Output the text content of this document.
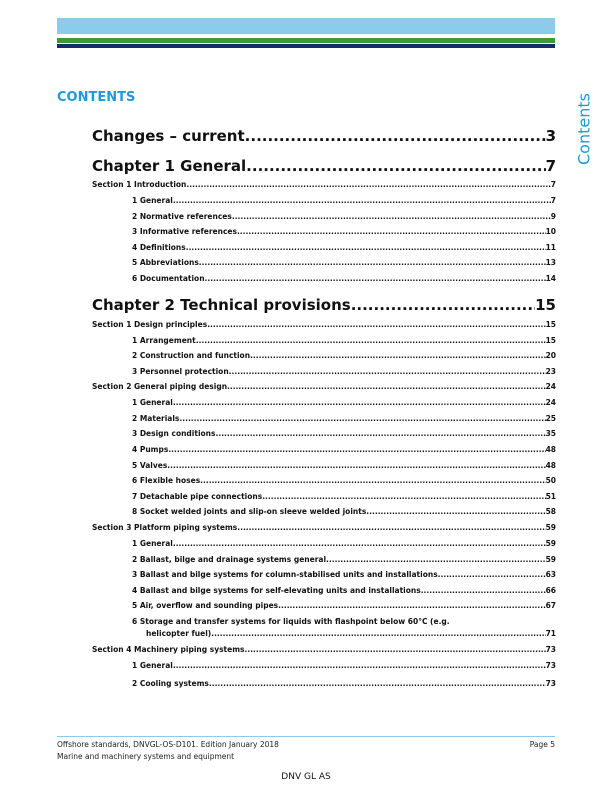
Contents
CONTENTS
Changes – current .....	3
Chapter 1 General .....	7
Section 1 Introduction .....	7
1 General .....	7
2 Normative references .....	9
3 Informative references .....	10
4 Definitions .....	11
5 Abbreviations .....	13
6 Documentation .....	14
Chapter 2 Technical provisions .....	15
Section 1 Design principles .....	15
1 Arrangement .....	15
2 Construction and function .....	20
3 Personnel protection .....	23
Section 2 General piping design .....	24
1 General .....	24
2 Materials .....	25
3 Design conditions .....	35
4 Pumps .....	48
5 Valves .....	48
6 Flexible hoses .....	50
7 Detachable pipe connections .....	51
8 Socket welded joints and slip-on sleeve welded joints .....	58
Section 3 Platform piping systems .....	59
1 General .....	59
2 Ballast, bilge and drainage systems general .....	59
3 Ballast and bilge systems for column-stabilised units and installations .....	63
4 Ballast and bilge systems for self-elevating units and installations .....	66
5 Air, overflow and sounding pipes .....	67
6 Storage and transfer systems for liquids with flashpoint below 60°C (e.g.
helicopter fuel) .....	71
Section 4 Machinery piping systems .....	73
1 General .....	73
2 Cooling systems .....	73
Offshore standards, DNVGL-OS-D101. Edition January 2018
Marine and machinery systems and equipment
Page 5
DNV GL AS
